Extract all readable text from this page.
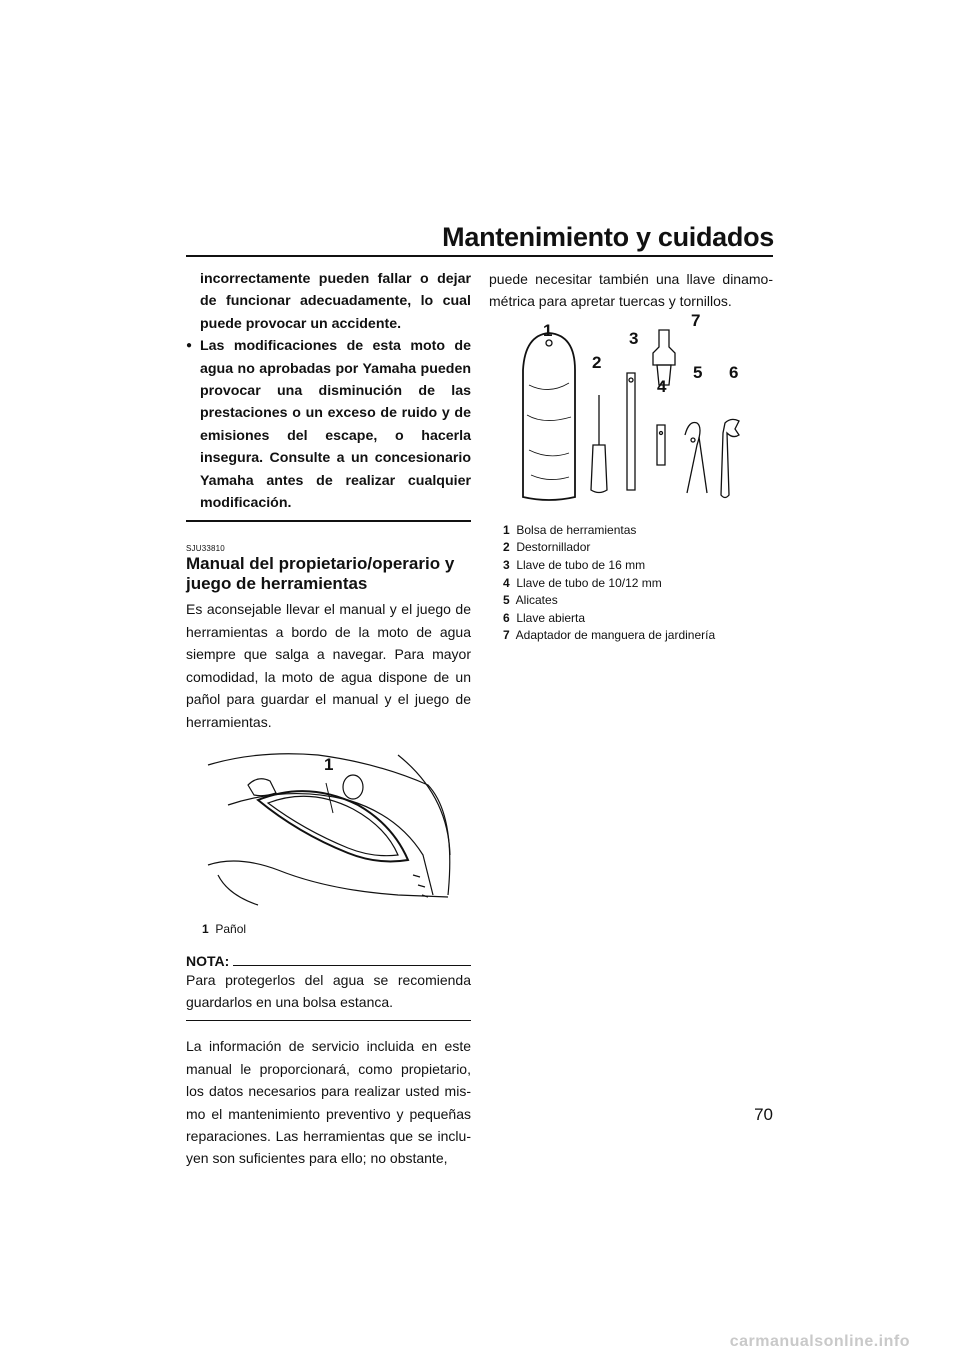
Mantenimiento y cuidados

incorrectamente pueden fallar o dejar de funcionar adecuadamente, lo cual puede provocar un accidente.

● Las modificaciones de esta moto de agua no aprobadas por Yamaha pueden provocar una disminución de las prestaciones o un exceso de ruido y de emisiones del escape, o hacerla insegura. Consulte a un concesionario Yamaha antes de realizar cualquier modificación.

SJU33810
Manual del propietario/operario y juego de herramientas

Es aconsejable llevar el manual y el juego de herramientas a bordo de la moto de agua siempre que salga a navegar. Para mayor comodidad, la moto de agua dispone de un pañol para guardar el manual y el juego de herramientas.

1
1 Pañol
NOTA:

Para protegerlos del agua se recomienda guardarlos en una bolsa estanca.

La información de servicio incluida en este manual le proporcionará, como propietario, los datos necesarios para realizar usted mis-mo el mantenimiento preventivo y pequeñas reparaciones. Las herramientas que se inclu-yen son suficientes para ello; no obstante,

puede necesitar también una llave dinamo-métrica para apretar tuercas y tornillos.

1
2
3
4
5 6
7
1 Bolsa de herramientas
2 Destornillador
3 Llave de tubo de 16 mm
4 Llave de tubo de 10/12 mm
5 Alicates
6 Llave abierta
7 Adaptador de manguera de jardinería
70
carmanualsonline.info
